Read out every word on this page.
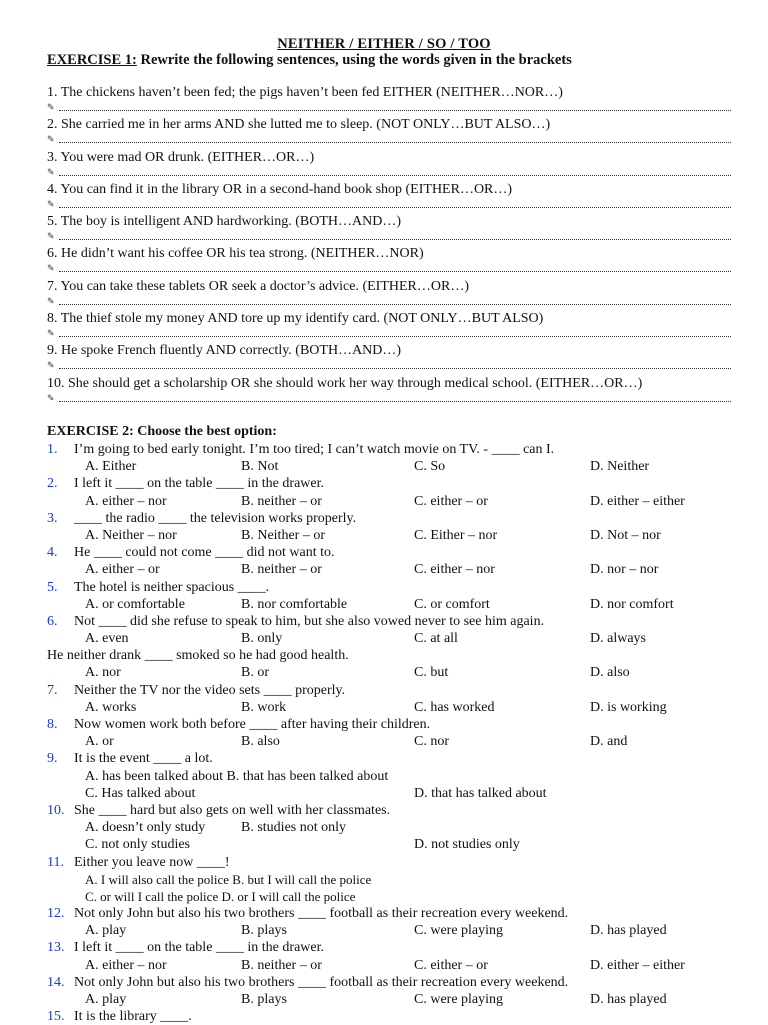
NEITHER / EITHER / SO / TOO
EXERCISE 1: Rewrite the following sentences, using the words given in the brackets
1. The chickens haven’t been fed; the pigs haven’t been fed EITHER (NEITHER…NOR…)
✎
2. She carried me in her arms AND she lutted me to sleep. (NOT ONLY…BUT ALSO…)
✎
3. You were mad OR drunk. (EITHER…OR…)
✎
4. You can find it in the library OR in a second-hand book shop (EITHER…OR…)
✎
5. The boy is intelligent AND hardworking. (BOTH…AND…)
✎
6. He didn’t want his coffee OR his tea strong. (NEITHER…NOR)
✎
7. You can take these tablets OR seek a doctor’s advice. (EITHER…OR…)
✎
8. The thief stole my money AND tore up my identify card. (NOT ONLY…BUT ALSO)
✎
9. He spoke French fluently AND correctly. (BOTH…AND…)
✎
10. She should get a scholarship OR she should work her way through medical school. (EITHER…OR…)
✎
EXERCISE 2: Choose the best option:
1. I’m going to bed early tonight. I’m too tired; I can’t watch movie on TV. - ____ can I.
A. Either	B. Not	C. So	D. Neither
2. I left it ____ on the table ____ in the drawer.
A. either – nor	B. neither – or	C. either – or	D. either – either
3. ____ the radio ____ the television works properly.
A. Neither – nor	B. Neither – or	C. Either – nor	D. Not – nor
4. He ____ could not come ____ did not want to.
A. either – or	B. neither – or	C. either – nor	D. nor – nor
5. The hotel is neither spacious ____.
A. or comfortable	B. nor comfortable	C. or comfort	D. nor comfort
6. Not ____ did she refuse to speak to him, but she also vowed never to see him again.
A. even	B. only	C. at all	D. always
He neither drank ____ smoked so he had good health.
A. nor	B. or	C. but	D. also
7. Neither the TV nor the video sets ____ properly.
A. works	B. work	C. has worked	D. is working
8. Now women work both before ____ after having their children.
A. or	B. also	C. nor	D. and
9. It is the event ____ a lot.
A. has been talked about B. that has been talked about
C. Has talked about	D. that has talked about
10. She ____ hard but also gets on well with her classmates.
A. doesn’t only study	B. studies not only
C. not only studies	D. not studies only
11. Either you leave now ____!
A. I will also call the police B. but I will call the police
C. or will I call the police D. or I will call the police
12. Not only John but also his two brothers ____ football as their recreation every weekend.
A. play	B. plays	C. were playing	D. has played
13. I left it ____ on the table ____ in the drawer.
A. either – nor	B. neither – or	C. either – or	D. either – either
14. Not only John but also his two brothers ____ football as their recreation every weekend.
A. play	B. plays	C. were playing	D. has played
15. It is the library ____.
